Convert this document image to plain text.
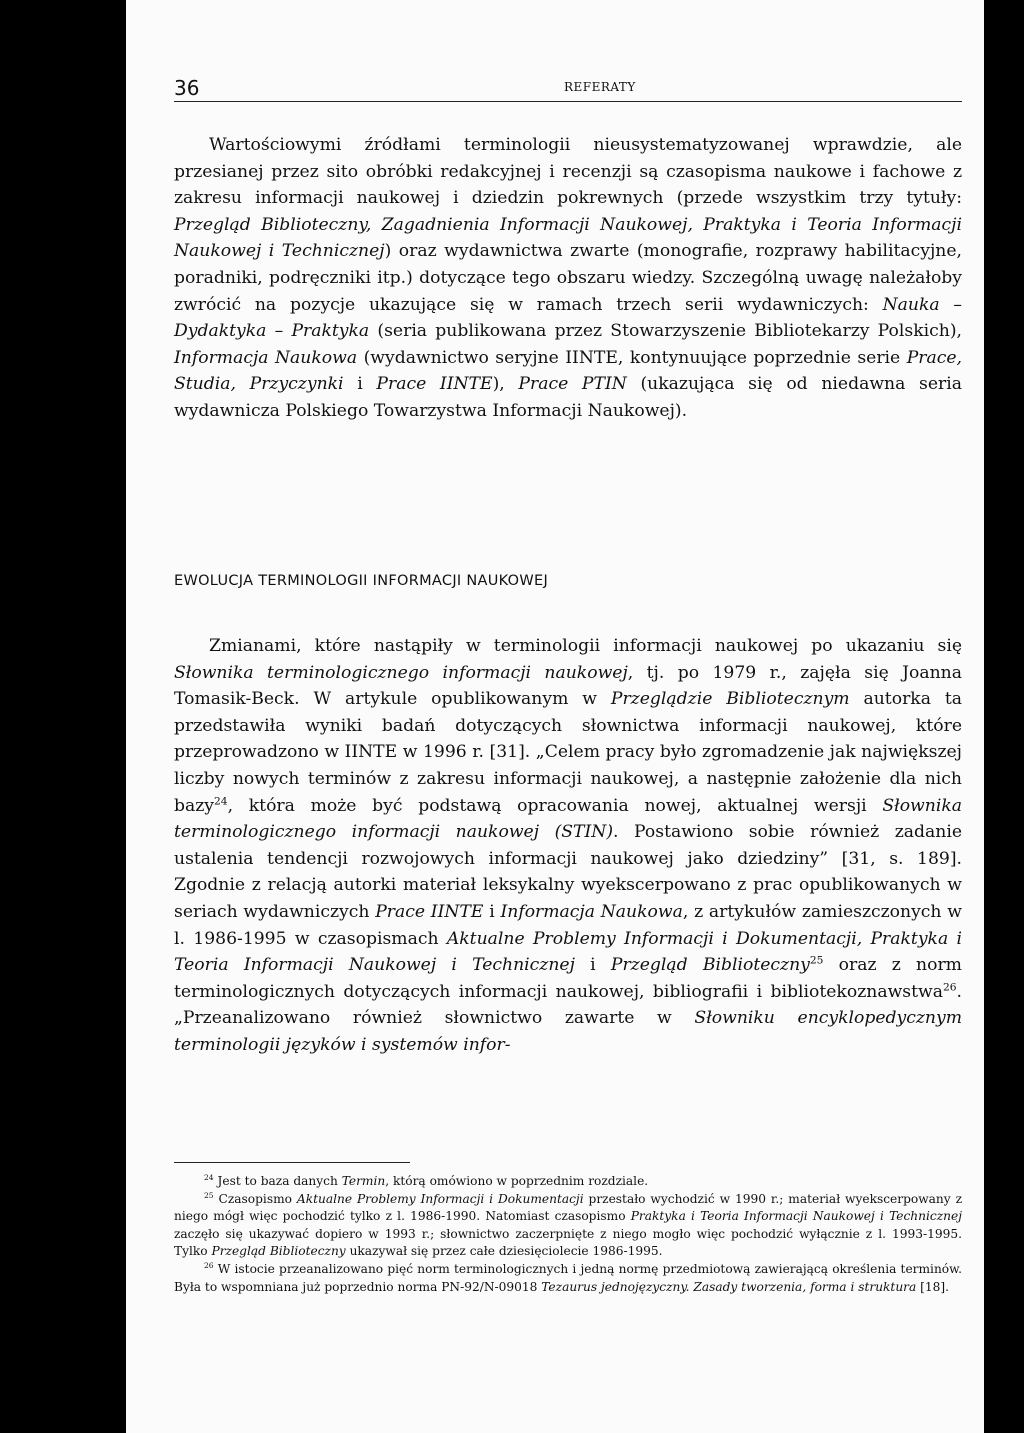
36	REFERATY

Wartościowymi źródłami terminologii nieusystematyzowanej wprawdzie, ale przesianej przez sito obróbki redakcyjnej i recenzji są czasopisma naukowe i fachowe z zakresu informacji naukowej i dziedzin pokrewnych (przede wszystkim trzy tytuły: Przegląd Biblioteczny, Zagadnienia Informacji Naukowej, Praktyka i Teoria Informacji Naukowej i Technicznej) oraz wydawnictwa zwarte (monografie, rozprawy habilitacyjne, poradniki, podręczniki itp.) dotyczące tego obszaru wiedzy. Szczególną uwagę należałoby zwrócić na pozycje ukazujące się w ramach trzech serii wydawniczych: Nauka – Dydaktyka – Praktyka (seria publikowana przez Stowarzyszenie Bibliotekarzy Polskich), Informacja Naukowa (wydawnictwo seryjne IINTE, kontynuujące poprzednie serie Prace, Studia, Przyczynki i Prace IINTE), Prace PTIN (ukazująca się od niedawna seria wydawnicza Polskiego Towarzystwa Informacji Naukowej).

EWOLUCJA TERMINOLOGII INFORMACJI NAUKOWEJ

Zmianami, które nastąpiły w terminologii informacji naukowej po ukazaniu się Słownika terminologicznego informacji naukowej, tj. po 1979 r., zajęła się Joanna Tomasik-Beck. W artykule opublikowanym w Przeglądzie Bibliotecznym autorka ta przedstawiła wyniki badań dotyczących słownictwa informacji naukowej, które przeprowadzono w IINTE w 1996 r. [31]. „Celem pracy było zgromadzenie jak największej liczby nowych terminów z zakresu informacji naukowej, a następnie założenie dla nich bazy$^{24}$, która może być podstawą opracowania nowej, aktualnej wersji Słownika terminologicznego informacji naukowej (STIN). Postawiono sobie również zadanie ustalenia tendencji rozwojowych informacji naukowej jako dziedziny” [31, s. 189]. Zgodnie z relacją autorki materiał leksykalny wyekscerpowano z prac opublikowanych w seriach wydawniczych Prace IINTE i Informacja Naukowa, z artykułów zamieszczonych w l. 1986-1995 w czasopismach Aktualne Problemy Informacji i Dokumentacji, Praktyka i Teoria Informacji Naukowej i Technicznej i Przegląd Biblioteczny$^{25}$ oraz z norm terminologicznych dotyczących informacji naukowej, bibliografii i bibliotekoznawstwa$^{26}$. „Przeanalizowano również słownictwo zawarte w Słowniku encyklopedycznym terminologii języków i systemów infor-

$^{24}$ Jest to baza danych Termin, którą omówiono w poprzednim rozdziale.

$^{25}$ Czasopismo Aktualne Problemy Informacji i Dokumentacji przestało wychodzić w 1990 r.; materiał wyekscerpowany z niego mógł więc pochodzić tylko z l. 1986-1990. Natomiast czasopismo Praktyka i Teoria Informacji Naukowej i Technicznej zaczęło się ukazywać dopiero w 1993 r.; słownictwo zaczerpnięte z niego mogło więc pochodzić wyłącznie z l. 1993-1995. Tylko Przegląd Biblioteczny ukazywał się przez całe dziesięciolecie 1986-1995.

$^{26}$ W istocie przeanalizowano pięć norm terminologicznych i jedną normę przedmiotową zawierającą określenia terminów. Była to wspomniana już poprzednio norma PN-92/N-09018 Tezaurus jednojęzyczny. Zasady tworzenia, forma i struktura [18].
